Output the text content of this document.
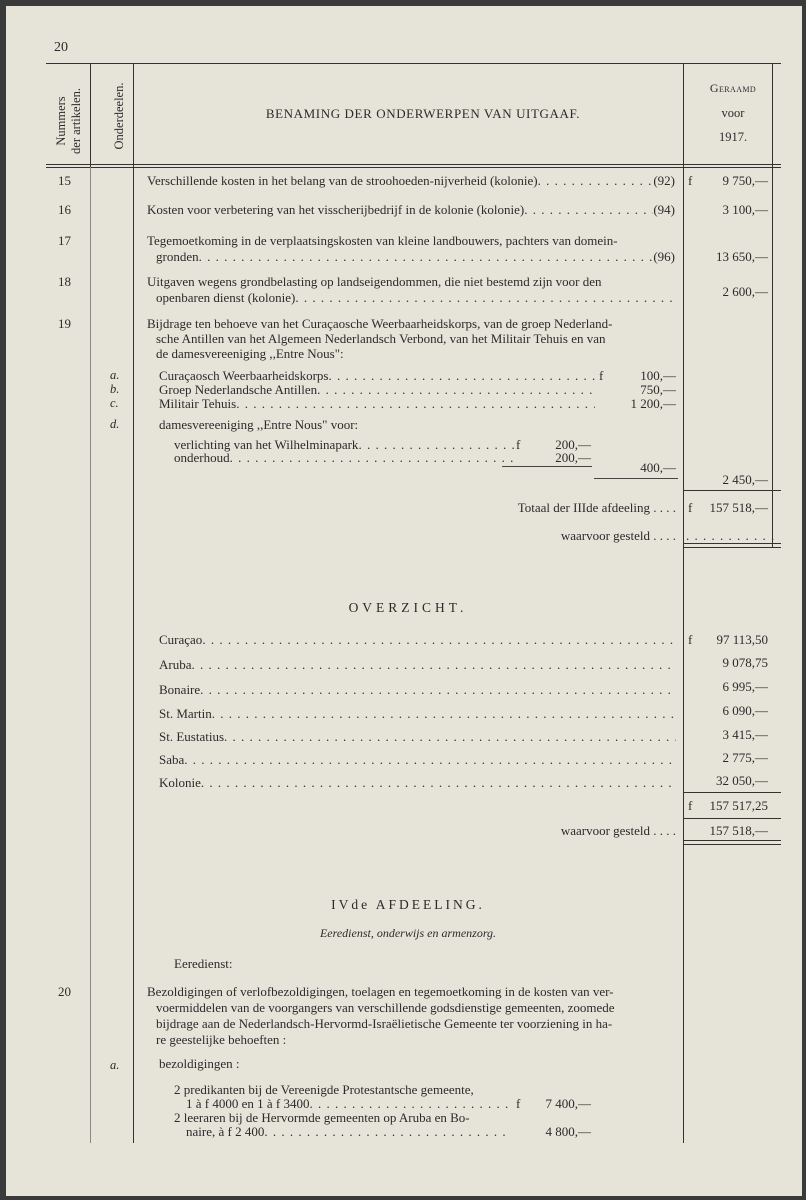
20
Nummers der artikelen. Onderdeelen.	BENAMING DER ONDERWERPEN VAN UITGAAF.
Geraamd
voor
1917.
15	Verschillende kosten in het belang van de stroohoeden-nijverheid (kolonie) . . .	(92) f	9 750,—
16	Kosten voor verbetering van het visscherijbedrijf in de kolonie (kolonie) . . .	(94)	3 100,—
17	Tegemoetkoming in de verplaatsingskosten van kleine landbouwers, pachters van domein-
gronden . . .	(96)	13 650,—
18	Uitgaven wegens grondbelasting op landseigendommen, die niet bestemd zijn voor den
openbaren dienst (kolonie) . . .	2 600,—
19	Bijdrage ten behoeve van het Curaçaosche Weerbaarheidskorps, van de groep Nederland-
sche Antillen van het Algemeen Nederlandsch Verbond, van het Militair Tehuis en van
de damesvereeniging ,,Entre Nous":
a.	Curaçaosch Weerbaarheidskorps . . .	f	100,—
b.	Groep Nederlandsche Antillen . . .	750,—
c.	Militair Tehuis . . .	1 200,—
d.	damesvereeniging ,,Entre Nous" voor:
verlichting van het Wilhelminapark . . .	f	200,—
onderhoud . . .	200,—
400,—
2 450,—
Totaal der IIIde afdeeling . . . . f	157 518,—
waarvoor gesteld . . . . . . . . . . . . . . .
OVERZICHT.
Curaçao . . .	f	97 113,50
Aruba . . .	9 078,75
Bonaire . . .	6 995,—
St. Martin . . .	6 090,—
St. Eustatius . . .	3 415,—
Saba . . .	2 775,—
Kolonie . . .	32 050,—
f	157 517,25
waarvoor gesteld . . . .	157 518,—
IVde AFDEELING.
Eeredienst, onderwijs en armenzorg.
Eeredienst:
20	Bezoldigingen of verlofbezoldigingen, toelagen en tegemoetkoming in de kosten van ver-
voermiddelen van de voorgangers van verschillende godsdienstige gemeenten, zoomede
bijdrage aan de Nederlandsch-Hervormd-Israëlietische Gemeente ter voorziening in ha-
re geestelijke behoeften :
a.	bezoldigingen :
2 predikanten bij de Vereenigde Protestantsche gemeente,
1 à f 4000 en 1 à f 3400 . . .	f	7 400,—
2 leeraren bij de Hervormde gemeenten op Aruba en Bo-
naire, à f 2 400 . . .	4 800,—
